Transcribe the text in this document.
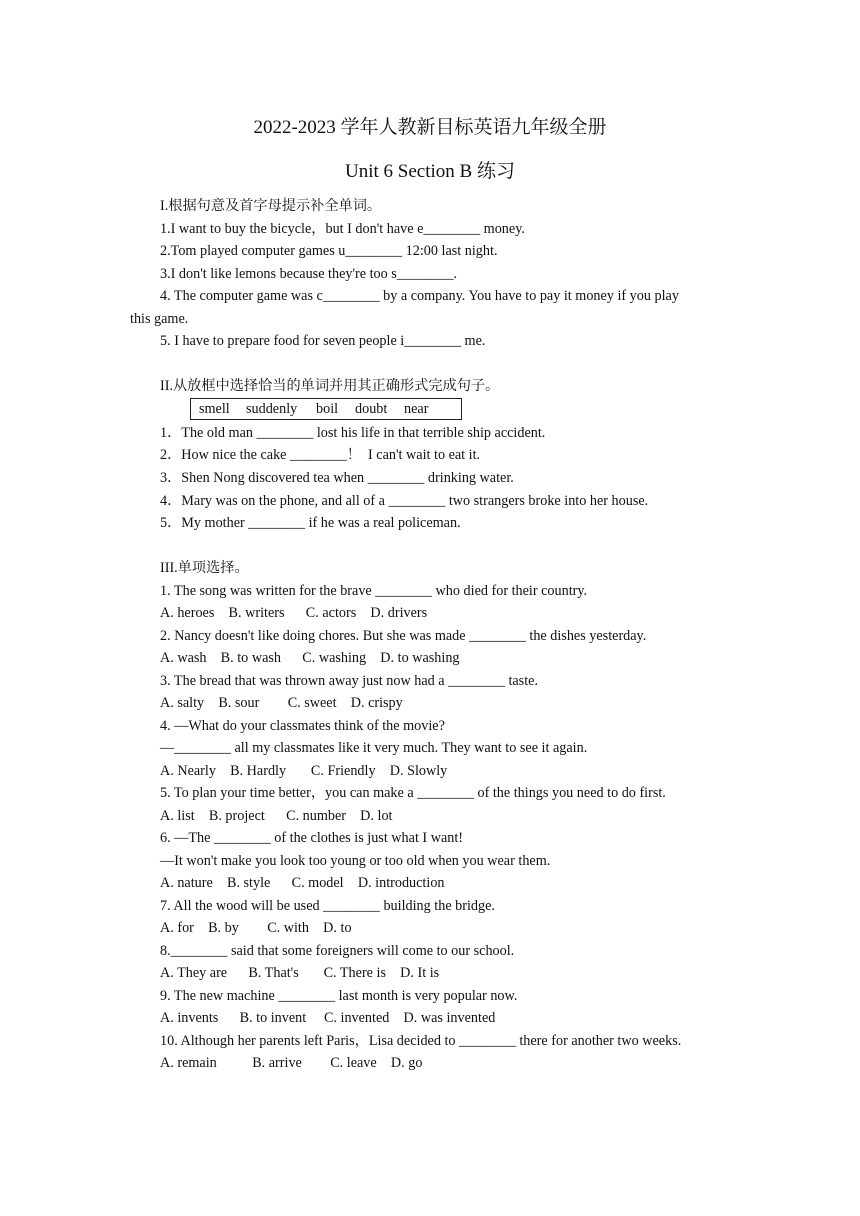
2022-2023 学年人教新目标英语九年级全册
Unit 6 Section B 练习
I.根据句意及首字母提示补全单词。
1.I want to buy the bicycle，but I don't have e________ money.
2.Tom played computer games u________ 12:00 last night.
3.I don't like lemons because they're too s________.
4. The computer game was c________ by a company. You have to pay it money if you play
this game.
5. I have to prepare food for seven people i________ me.
II.从放框中选择恰当的单词并用其正确形式完成句子。
smell suddenly boil doubt near
1．The old man ________ lost his life in that terrible ship accident.
2．How nice the cake ________！  I can't wait to eat it.
3．Shen Nong discovered tea when ________ drinking water.
4．Mary was on the phone, and all of a ________ two strangers broke into her house.
5．My mother ________ if he was a real policeman.
III.单项选择。
1. The song was written for the brave ________ who died for their country.
A. heroes    B. writers      C. actors    D. drivers
2. Nancy doesn't like doing chores. But she was made ________ the dishes yesterday.
A. wash    B. to wash      C. washing    D. to washing
3. The bread that was thrown away just now had a ________ taste.
A. salty    B. sour        C. sweet    D. crispy
4. —What do your classmates think of the movie?
—________ all my classmates like it very much. They want to see it again.
A. Nearly    B. Hardly       C. Friendly    D. Slowly
5. To plan your time better，you can make a ________ of the things you need to do first.
A. list    B. project      C. number    D. lot
6. —The ________ of the clothes is just what I want!
—It won't make you look too young or too old when you wear them.
A. nature    B. style      C. model    D. introduction
7. All the wood will be used ________ building the bridge.
A. for    B. by        C. with    D. to
8.________ said that some foreigners will come to our school.
A. They are      B. That's       C. There is    D. It is
9. The new machine ________ last month is very popular now.
A. invents      B. to invent     C. invented    D. was invented
10. Although her parents left Paris，Lisa decided to ________ there for another two weeks.
A. remain          B. arrive        C. leave    D. go
